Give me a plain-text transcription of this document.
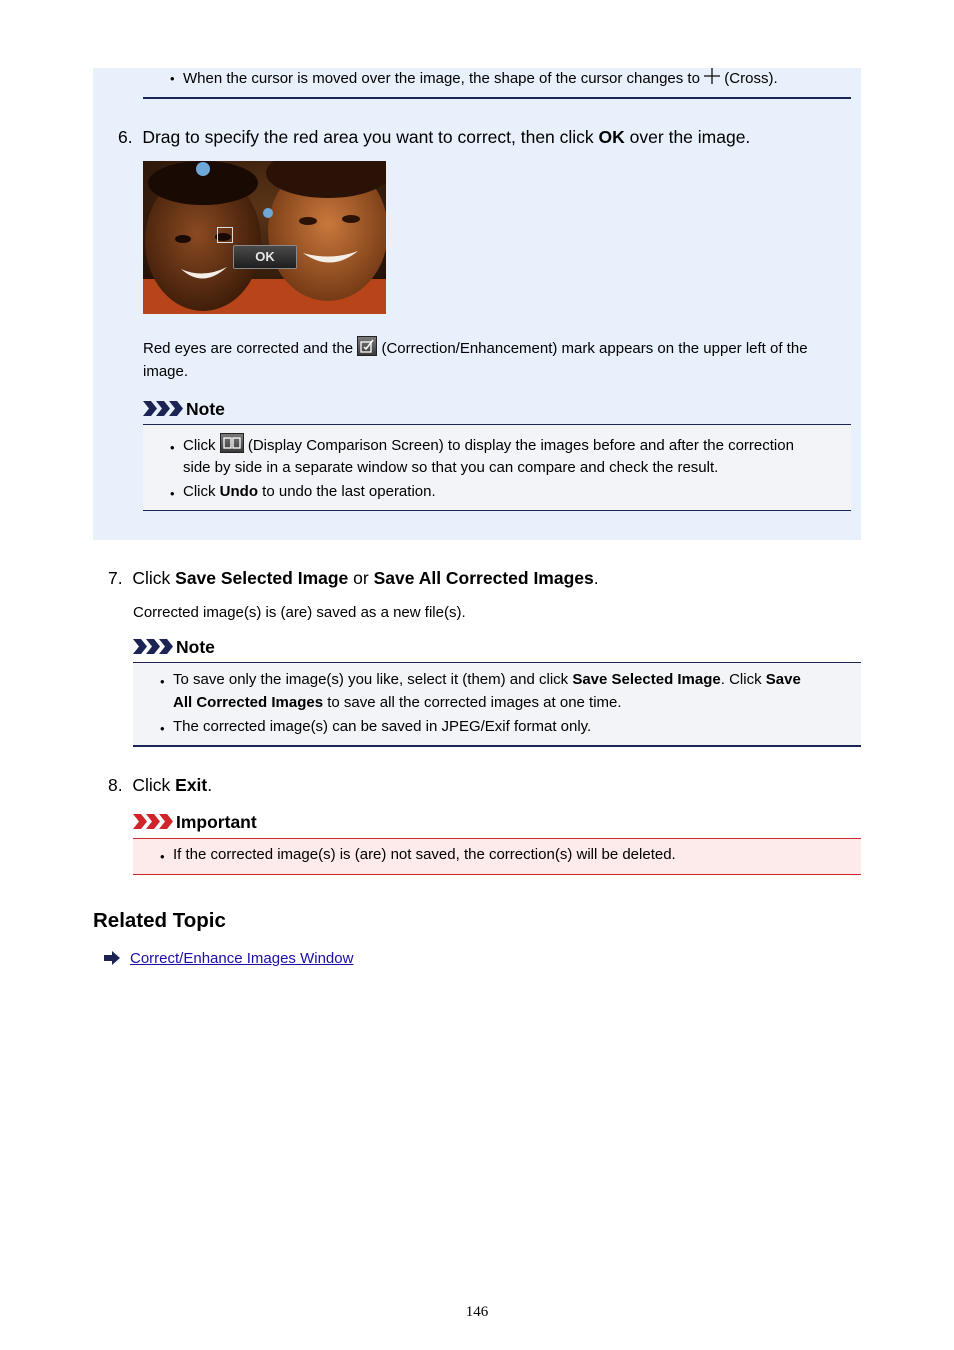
• When the cursor is moved over the image, the shape of the cursor changes to (Cross).
6. Drag to specify the red area you want to correct, then click OK over the image.
OK
Red eyes are corrected and the (Correction/Enhancement) mark appears on the upper left of the
image.
Note
• Click (Display Comparison Screen) to display the images before and after the correction
side by side in a separate window so that you can compare and check the result.
• Click Undo to undo the last operation.
7. Click Save Selected Image or Save All Corrected Images.
Corrected image(s) is (are) saved as a new file(s).
Note
• To save only the image(s) you like, select it (them) and click Save Selected Image. Click Save
All Corrected Images to save all the corrected images at one time.
• The corrected image(s) can be saved in JPEG/Exif format only.
8. Click Exit.
Important
• If the corrected image(s) is (are) not saved, the correction(s) will be deleted.
Related Topic
Correct/Enhance Images Window
146
